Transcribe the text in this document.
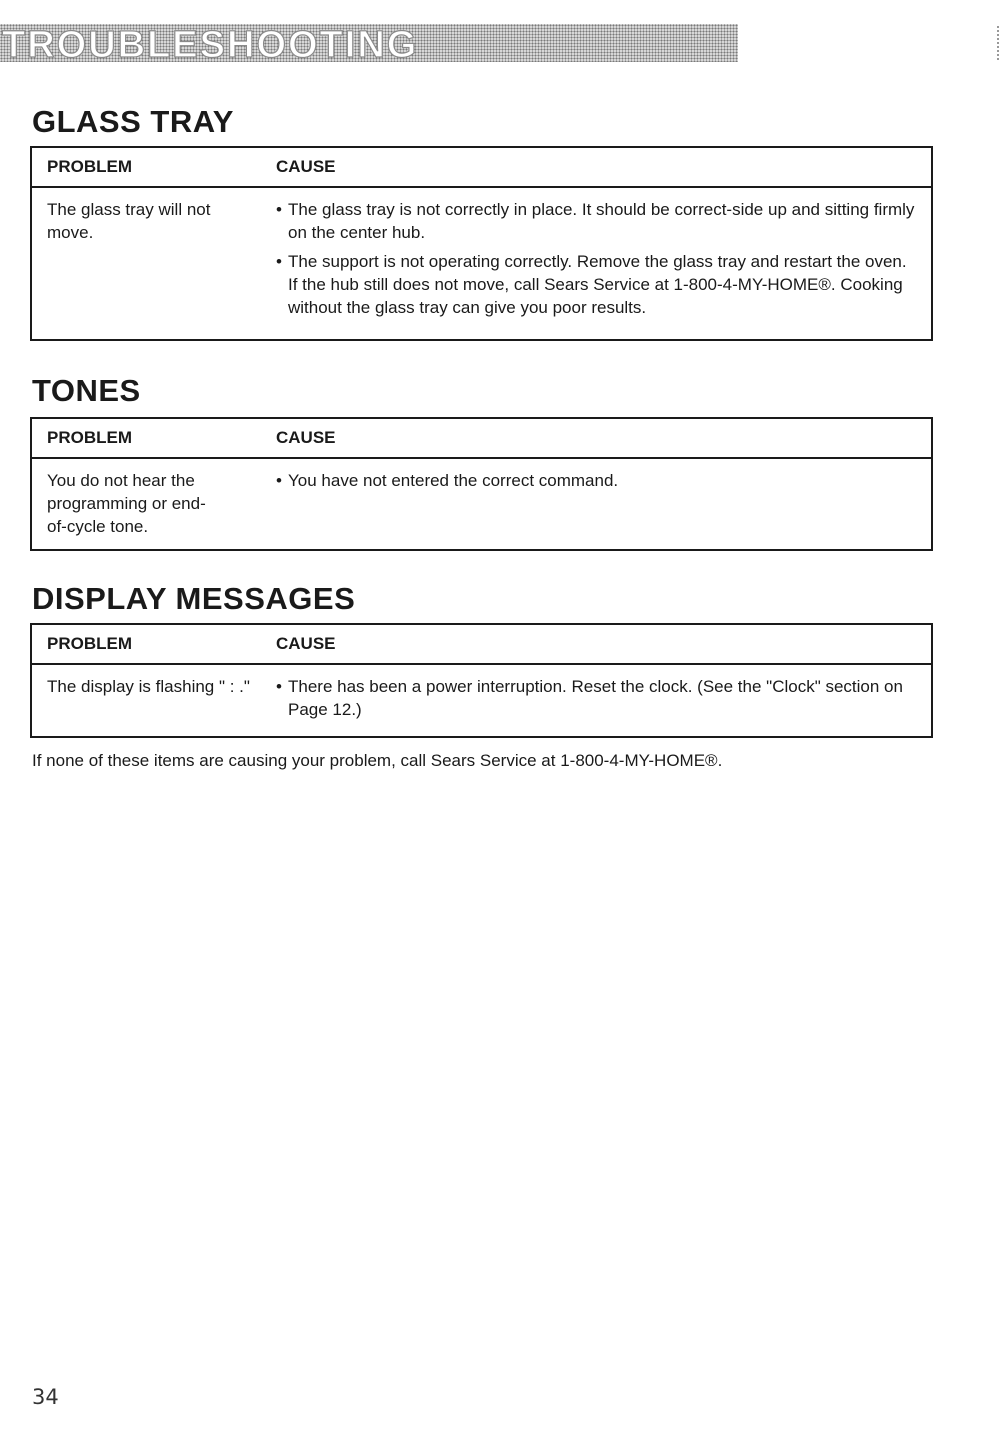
TROUBLESHOOTING
GLASS TRAY
PROBLEM	CAUSE
The glass tray will not move.
• The glass tray is not correctly in place. It should be correct-side up and sitting firmly on the center hub.
• The support is not operating correctly. Remove the glass tray and restart the oven. If the hub still does not move, call Sears Service at 1-800-4-MY-HOME®. Cooking without the glass tray can give you poor results.
TONES
PROBLEM	CAUSE
You do not hear the programming or end-of-cycle tone.
• You have not entered the correct command.
DISPLAY MESSAGES
PROBLEM	CAUSE
The display is flashing " : ."
•	There has been a power interruption. Reset the clock. (See the "Clock" section on Page 12.)
If none of these items are causing your problem, call Sears Service at 1-800-4-MY-HOME®.
34
